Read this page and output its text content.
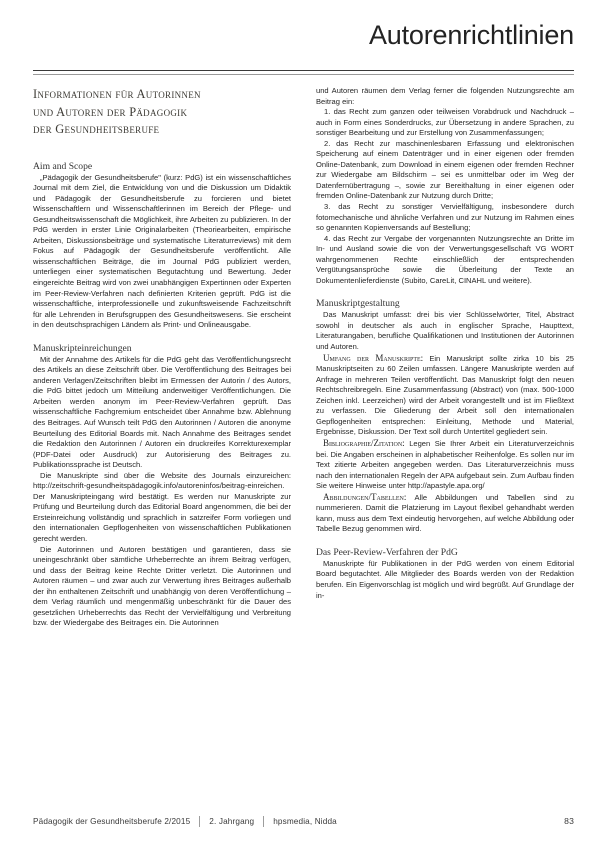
Autorenrichtlinien
Informationen für Autorinnen
und Autoren der Pädagogik
der Gesundheitsberufe
Aim and Scope

„Pädagogik der Gesundheitsberufe" (kurz: PdG) ist ein wissenschaftliches Journal mit dem Ziel, die Entwicklung von und die Diskussion um Didaktik und Pädagogik der Gesundheitsberufe zu forcieren und bietet Wissenschaftlern und Wissenschaftlerinnen im Bereich der Pflege- und Gesundheitswissenschaft die Möglichkeit, ihre Arbeiten zu publizieren. In der PdG werden in erster Linie Originalarbeiten (Theoriearbeiten, empirische Arbeiten, Diskussionsbeiträge und systematische Literaturreviews) mit dem Fokus auf Pädagogik der Gesundheitsberufe veröffentlicht. Alle wissenschaftlichen Beiträge, die im Journal PdG publiziert werden, unterliegen einer systematischen Begutachtung und Bewertung. Jeder eingereichte Beitrag wird von zwei unabhängigen Expertinnen oder Experten im Peer-Review-Verfahren nach definierten Kriterien geprüft. PdG ist die wissenschaftliche, interprofessionelle und zukunftsweisende Fachzeitschrift für alle Lehrenden in Berufsgruppen des Gesundheitswesens. Sie erscheint in den deutschsprachigen Ländern als Print- und Onlineausgabe.

Manuskripteinreichungen

Mit der Annahme des Artikels für die PdG geht das Veröffentlichungsrecht des Artikels an diese Zeitschrift über. Die Veröffentlichung des Beitrages bei anderen Verlagen/Zeitschriften bleibt im Ermessen der Autorin / des Autors, die PdG bittet jedoch um Mitteilung anderweitiger Veröffentlichungen. Die Arbeiten werden anonym im Peer-Review-Verfahren geprüft. Das wissenschaftliche Fachgremium entscheidet über Annahme bzw. Ablehnung des Beitrages. Auf Wunsch teilt PdG den Autorinnen / Autoren die anonyme Beurteilung des Editorial Boards mit. Nach Annahme des Beitrages sendet die Redaktion den Autorinnen / Autoren ein druckreifes Korrekturexemplar (PDF-Datei oder Ausdruck) zur Autorisierung des Beitrages zu. Publikationssprache ist Deutsch.

Die Manuskripte sind über die Website des Journals einzureichen: http://zeitschrift-gesundheitspädagogik.info/autoreninfos/beitrag-einreichen. Der Manuskripteingang wird bestätigt. Es werden nur Manuskripte zur Prüfung und Beurteilung durch das Editorial Board angenommen, die bei der Ersteinreichung vollständig und sprachlich in satzreifer Form vorliegen und den internationalen Gepflogenheiten von wissenschaftlichen Publikationen gerecht werden.

Die Autorinnen und Autoren bestätigen und garantieren, dass sie uneingeschränkt über sämtliche Urheberrechte an ihrem Beitrag verfügen, und dass der Beitrag keine Rechte Dritter verletzt. Die Autorinnen und Autoren räumen – und zwar auch zur Verwertung ihres Beitrages außerhalb der ihn enthaltenen Zeitschrift und unabhängig von deren Veröffentlichung – dem Verlag räumlich und mengenmäßig unbeschränkt für die Dauer des gesetzlichen Urheberrechts das Recht der Vervielfältigung und Verbreitung bzw. der Wiedergabe des Beitrages ein. Die Autorinnen

und Autoren räumen dem Verlag ferner die folgenden Nutzungsrechte am Beitrag ein:

1. das Recht zum ganzen oder teilweisen Vorabdruck und Nachdruck – auch in Form eines Sonderdrucks, zur Übersetzung in andere Sprachen, zu sonstiger Bearbeitung und zur Erstellung von Zusammenfassungen;

2. das Recht zur maschinenlesbaren Erfassung und elektronischen Speicherung auf einem Datenträger und in einer eigenen oder fremden Online-Datenbank, zum Download in einem eigenen oder fremden Rechner zur Wiedergabe am Bildschirm – sei es unmittelbar oder im Weg der Datenfernübertragung –, sowie zur Bereithaltung in einer eigenen oder fremden Online-Datenbank zur Nutzung durch Dritte;

3. das Recht zu sonstiger Vervielfältigung, insbesondere durch fotomechanische und ähnliche Verfahren und zur Nutzung im Rahmen eines so genannten Kopienversands auf Bestellung;

4. das Recht zur Vergabe der vorgenannten Nutzungsrechte an Dritte im In- und Ausland sowie die von der Verwertungsgesellschaft VG WORT wahrgenommenen Rechte einschließlich der entsprechenden Vergütungsansprüche sowie die Überleitung der Texte an Dokumentenlieferdienste (Subito, CareLit, CINAHL und weitere).

Manuskriptgestaltung

Das Manuskript umfasst: drei bis vier Schlüsselwörter, Titel, Abstract sowohl in deutscher als auch in englischer Sprache, Haupttext, Literaturangaben, berufliche Qualifikationen und Institutionen der Autorinnen und Autoren.

Umfang der Manuskripte: Ein Manuskript sollte zirka 10 bis 25 Manuskriptseiten zu 60 Zeilen umfassen. Längere Manuskripte werden auf Anfrage in mehreren Teilen veröffentlicht. Das Manuskript folgt den neuen Rechtschreibregeln. Eine Zusammenfassung (Abstract) von (max. 500-1000 Zeichen inkl. Leerzeichen) wird der Arbeit vorangestellt und ist im Fließtext zu verfassen. Die Gliederung der Arbeit soll den internationalen Gepflogenheiten entsprechen: Einleitung, Methode und Material, Ergebnisse, Diskussion. Der Text soll durch Untertitel gegliedert sein.

Bibliographie/Zitation: Legen Sie Ihrer Arbeit ein Literaturverzeichnis bei. Die Angaben erscheinen in alphabetischer Reihenfolge. Es sollen nur im Text zitierte Arbeiten angegeben werden. Das Literaturverzeichnis muss nach den internationalen Regeln der APA aufgebaut sein. Zum Aufbau finden Sie weitere Hinweise unter http://apastyle.apa.org/

Abbildungen/Tabellen: Alle Abbildungen und Tabellen sind zu nummerieren. Damit die Platzierung im Layout flexibel gehandhabt werden kann, muss aus dem Text eindeutig hervorgehen, auf welche Abbildung oder Tabelle Bezug genommen wird.

Das Peer-Review-Verfahren der PdG

Manuskripte für Publikationen in der PdG werden von einem Editorial Board begutachtet. Alle Mitglieder des Boards werden von der Redaktion berufen. Ein Eigenvorschlag ist möglich und wird begrüßt. Auf Grundlage der in-

Pädagogik der Gesundheitsberufe 2/2015 2. Jahrgang hpsmedia, Nidda	83
